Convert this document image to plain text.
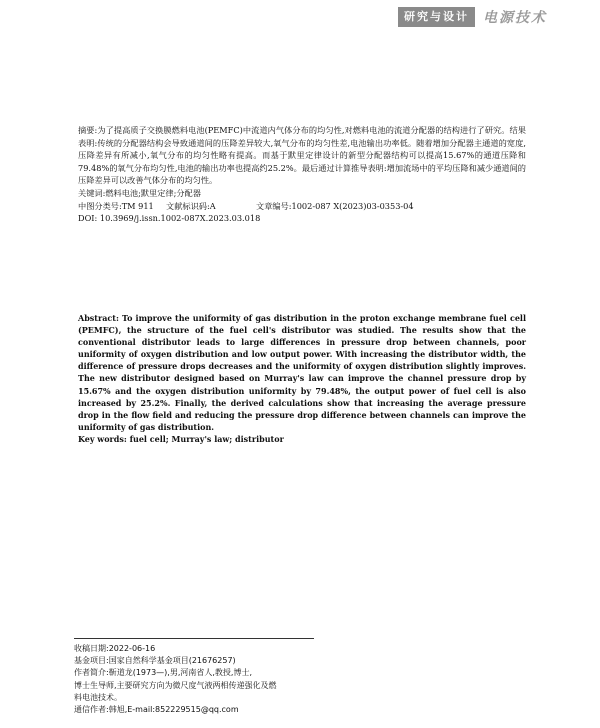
研究与设计	电源技术

摘要:为了提高质子交换膜燃料电池(PEMFC)中流道内气体分布的均匀性,对燃料电池的流道分配器的结构进行了研究。结果表明:传统的分配器结构会导致通道间的压降差异较大,氧气分布的均匀性差,电池输出功率低。随着增加分配器主通道的宽度,压降差异有所减小,氧气分布的均匀性略有提高。而基于默里定律设计的新型分配器结构可以提高15.67%的通道压降和79.48%的氧气分布均匀性,电池的输出功率也提高约25.2%。最后通过计算推导表明:增加流场中的平均压降和减少通道间的压降差异可以改善气体分布的均匀性。

关键词:燃料电池;默里定律;分配器

中图分类号:TM 911	文献标识码:A	文章编号:1002-087 X(2023)03-0353-04

DOI: 10.3969/j.issn.1002-087X.2023.03.018

Abstract: To improve the uniformity of gas distribution in the proton exchange membrane fuel cell (PEMFC), the structure of the fuel cell's distributor was studied. The results show that the conventional distributor leads to large differences in pressure drop between channels, poor uniformity of oxygen distribution and low output power. With increasing the distributor width, the difference of pressure drops decreases and the uniformity of oxygen distribution slightly improves. The new distributor designed based on Murray's law can improve the channel pressure drop by 15.67% and the oxygen distribution uniformity by 79.48%, the output power of fuel cell is also increased by 25.2%. Finally, the derived calculations show that increasing the average pressure drop in the flow field and reducing the pressure drop difference between channels can improve the uniformity of gas distribution.

Key words: fuel cell; Murray's law; distributor

收稿日期:2022-06-16

基金项目:国家自然科学基金项目(21676257)

作者简介:靳道龙(1973—),男,河南省人,教授,博士,

博士生导师,主要研究方向为微尺度气液两相传递强化及燃

料电池技术。

通信作者:韩旭,E-mail:852229515@qq.com
